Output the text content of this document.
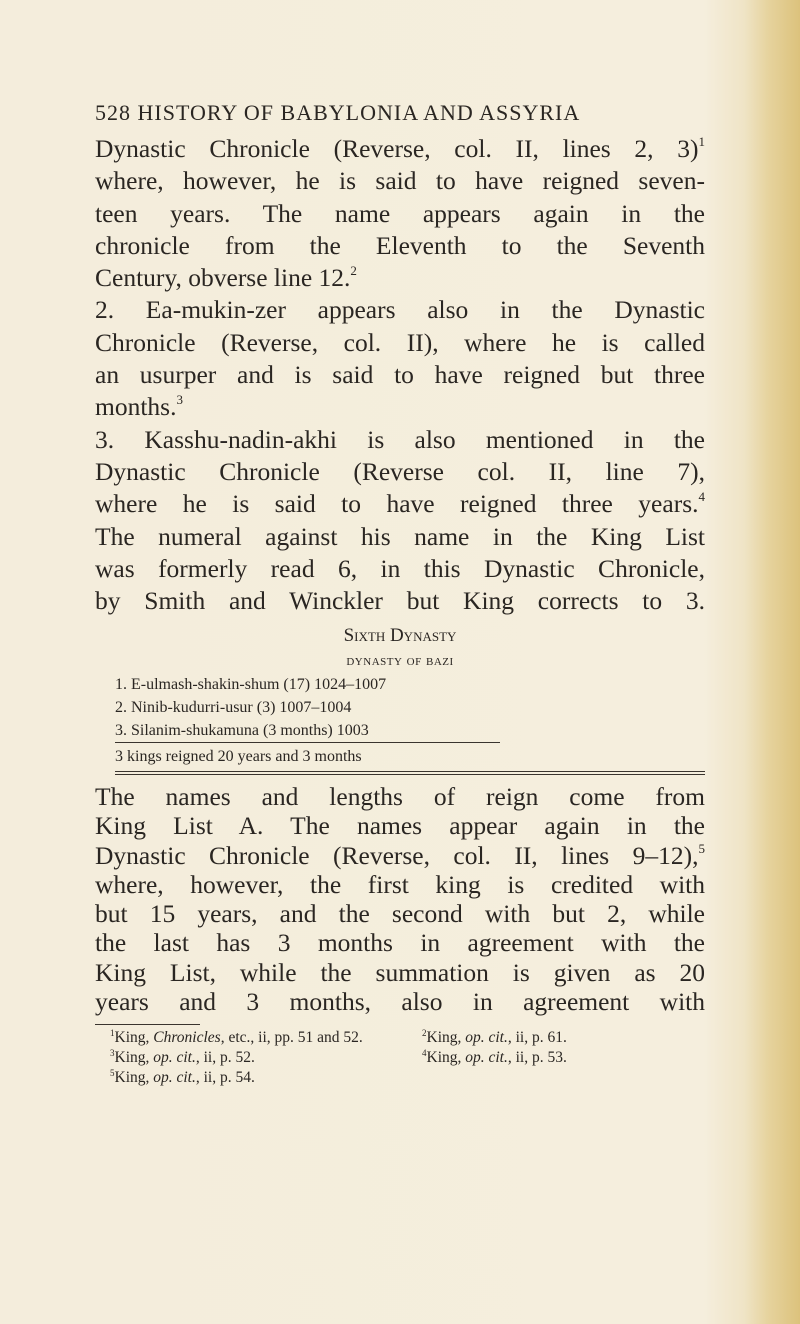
528 HISTORY OF BABYLONIA AND ASSYRIA
Dynastic Chronicle (Reverse, col. II, lines 2, 3)$^1$
where, however, he is said to have reigned seven-
teen years. The name appears again in the
chronicle from the Eleventh to the Seventh
Century, obverse line 12.$^2$
2. Ea-mukin-zer appears also in the Dynastic
Chronicle (Reverse, col. II), where he is called
an usurper and is said to have reigned but three
months.$^3$
3. Kasshu-nadin-akhi is also mentioned in the
Dynastic Chronicle (Reverse col. II, line 7),
where he is said to have reigned three years.$^4$
The numeral against his name in the King List
was formerly read 6, in this Dynastic Chronicle,
by Smith and Winckler but King corrects to 3.
Sixth Dynasty
dynasty of bazi
1. E-ulmash-shakin-shum (17) 1024–1007
2. Ninib-kudurri-usur (3) 1007–1004
3. Silanim-shukamuna (3 months) 1003
3 kings reigned 20 years and 3 months
The names and lengths of reign come from
King List A. The names appear again in the
Dynastic Chronicle (Reverse, col. II, lines 9–12),$^5$
where, however, the first king is credited with
but 15 years, and the second with but 2, while
the last has 3 months in agreement with the
King List, while the summation is given as 20
years and 3 months, also in agreement with
$^1$King, Chronicles, etc., ii, pp. 51 and 52.	$^2$King, op. cit., ii, p. 61.
$^3$King, op. cit., ii, p. 52.	$^4$King, op. cit., ii, p. 53.
$^5$King, op. cit., ii, p. 54.
